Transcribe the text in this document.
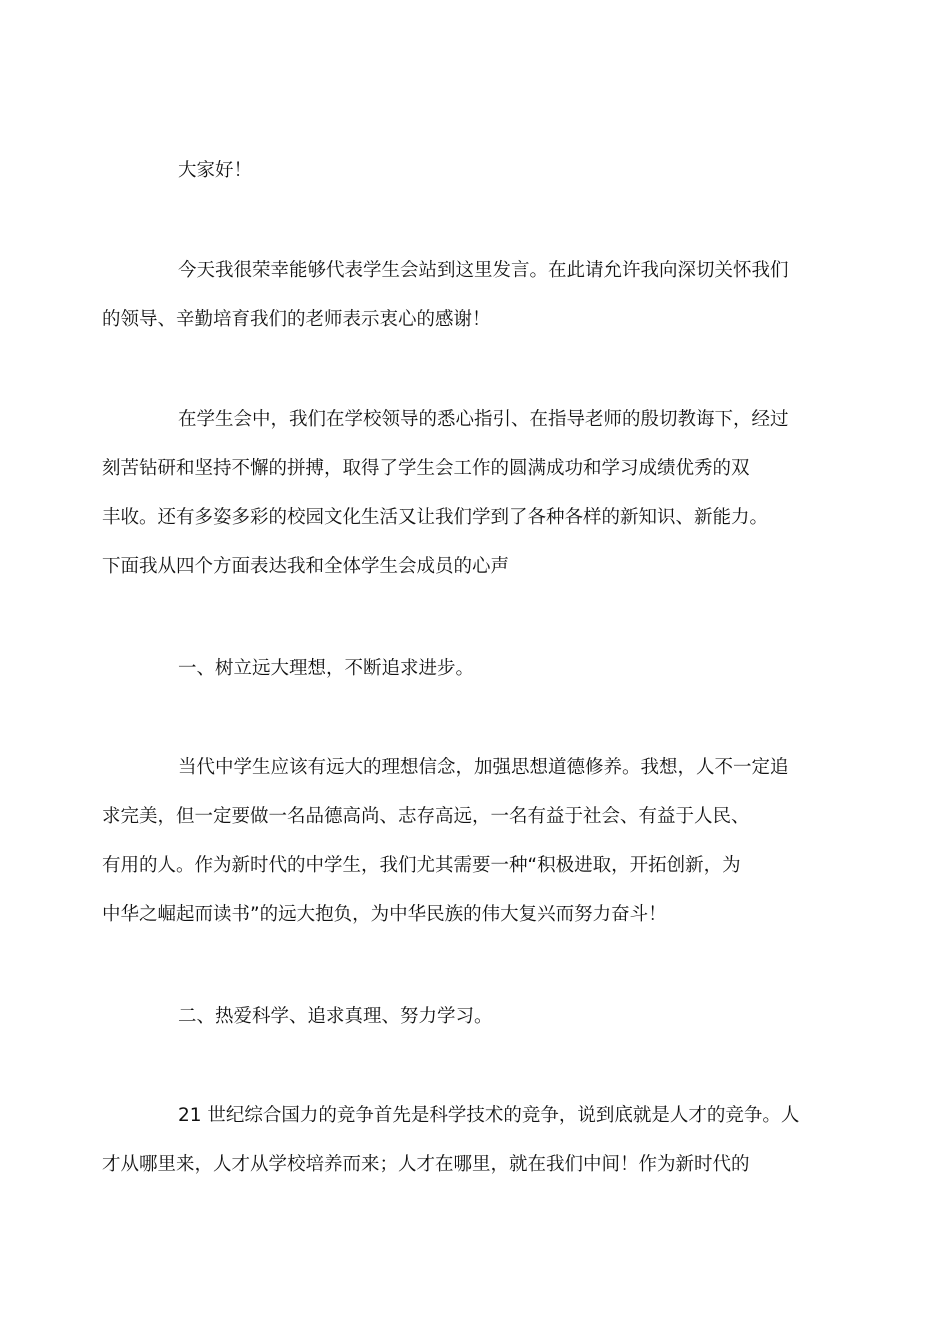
大家好！

今天我很荣幸能够代表学生会站到这里发言。在此请允许我向深切关怀我们
的领导、辛勤培育我们的老师表示衷心的感谢！

在学生会中，我们在学校领导的悉心指引、在指导老师的殷切教诲下，经过
刻苦钻研和坚持不懈的拼搏，取得了学生会工作的圆满成功和学习成绩优秀的双
丰收。还有多姿多彩的校园文化生活又让我们学到了各种各样的新知识、新能力。
下面我从四个方面表达我和全体学生会成员的心声

一、树立远大理想，不断追求进步。

当代中学生应该有远大的理想信念，加强思想道德修养。我想，人不一定追
求完美，但一定要做一名品德高尚、志存高远，一名有益于社会、有益于人民、
有用的人。作为新时代的中学生，我们尤其需要一种“积极进取，开拓创新，为
中华之崛起而读书”的远大抱负，为中华民族的伟大复兴而努力奋斗！

二、热爱科学、追求真理、努力学习。

21 世纪综合国力的竞争首先是科学技术的竞争，说到底就是人才的竞争。人
才从哪里来，人才从学校培养而来；人才在哪里，就在我们中间！作为新时代的
